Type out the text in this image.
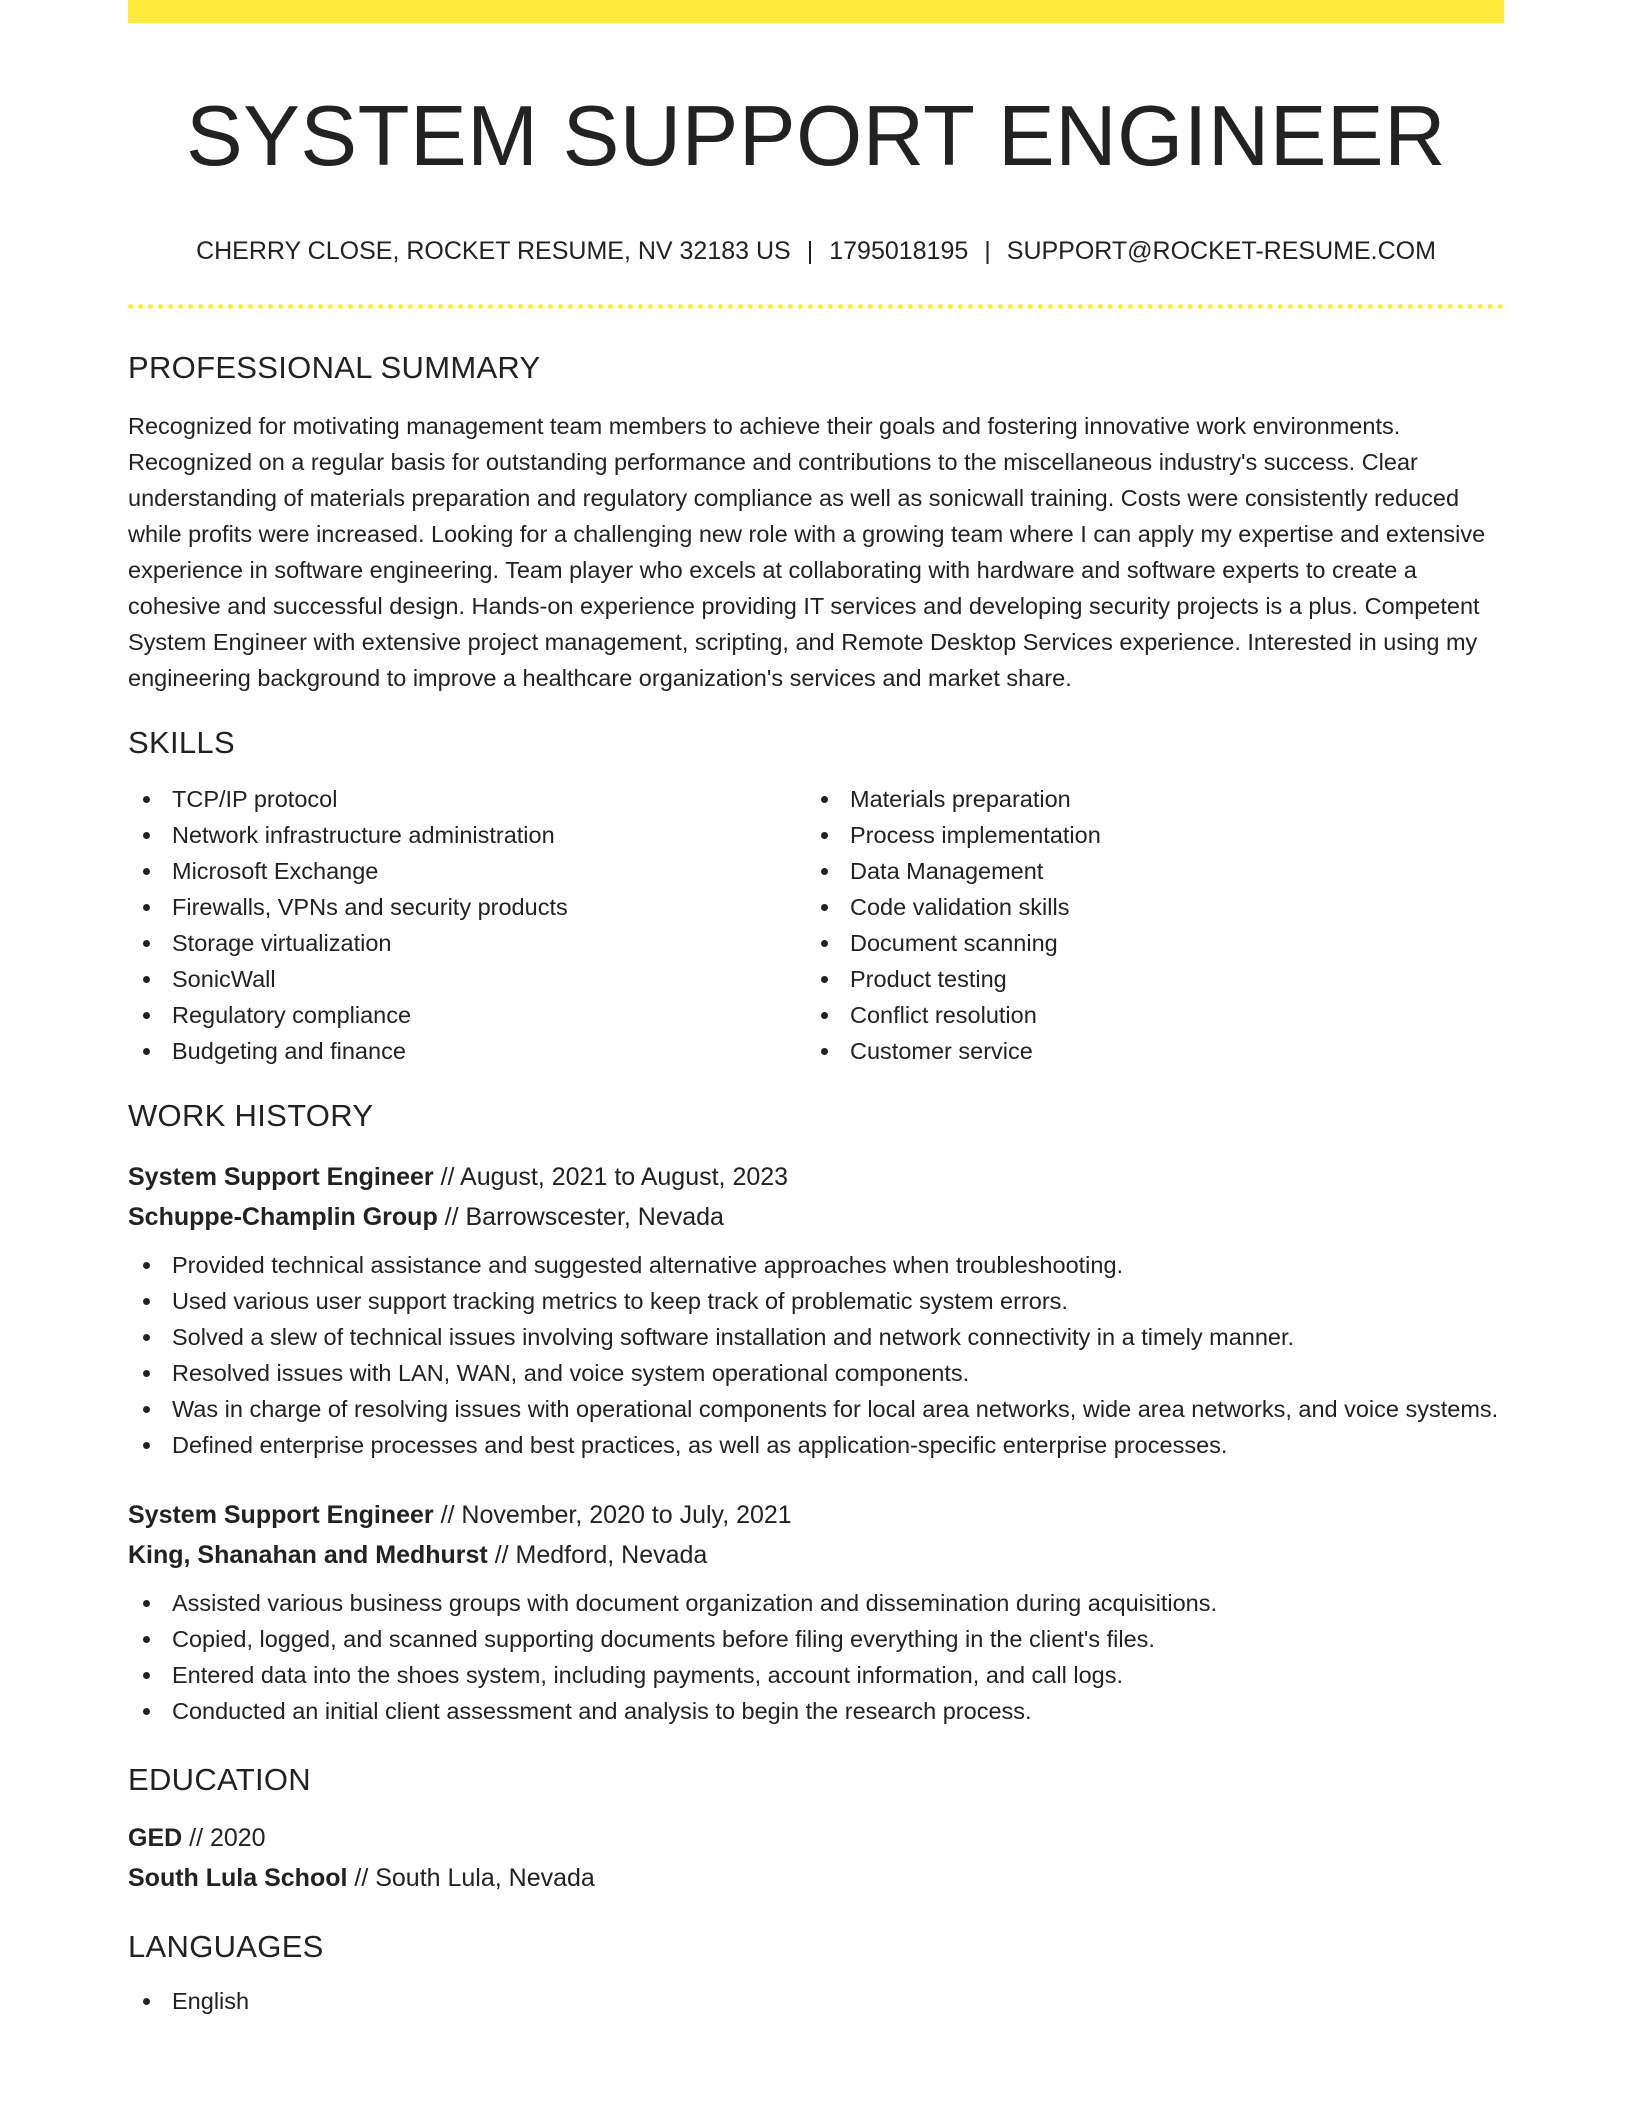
SYSTEM SUPPORT ENGINEER
CHERRY CLOSE, ROCKET RESUME, NV 32183 US | 1795018195 | SUPPORT@ROCKET-RESUME.COM
PROFESSIONAL SUMMARY
Recognized for motivating management team members to achieve their goals and fostering innovative work environments. Recognized on a regular basis for outstanding performance and contributions to the miscellaneous industry's success. Clear understanding of materials preparation and regulatory compliance as well as sonicwall training. Costs were consistently reduced while profits were increased. Looking for a challenging new role with a growing team where I can apply my expertise and extensive experience in software engineering. Team player who excels at collaborating with hardware and software experts to create a cohesive and successful design. Hands-on experience providing IT services and developing security projects is a plus. Competent System Engineer with extensive project management, scripting, and Remote Desktop Services experience. Interested in using my engineering background to improve a healthcare organization's services and market share.
SKILLS
TCP/IP protocol
Network infrastructure administration
Microsoft Exchange
Firewalls, VPNs and security products
Storage virtualization
SonicWall
Regulatory compliance
Budgeting and finance
Materials preparation
Process implementation
Data Management
Code validation skills
Document scanning
Product testing
Conflict resolution
Customer service
WORK HISTORY
System Support Engineer // August, 2021 to August, 2023
Schuppe-Champlin Group // Barrowscester, Nevada
Provided technical assistance and suggested alternative approaches when troubleshooting.
Used various user support tracking metrics to keep track of problematic system errors.
Solved a slew of technical issues involving software installation and network connectivity in a timely manner.
Resolved issues with LAN, WAN, and voice system operational components.
Was in charge of resolving issues with operational components for local area networks, wide area networks, and voice systems.
Defined enterprise processes and best practices, as well as application-specific enterprise processes.
System Support Engineer // November, 2020 to July, 2021
King, Shanahan and Medhurst // Medford, Nevada
Assisted various business groups with document organization and dissemination during acquisitions.
Copied, logged, and scanned supporting documents before filing everything in the client's files.
Entered data into the shoes system, including payments, account information, and call logs.
Conducted an initial client assessment and analysis to begin the research process.
EDUCATION
GED // 2020
South Lula School // South Lula, Nevada
LANGUAGES
English
